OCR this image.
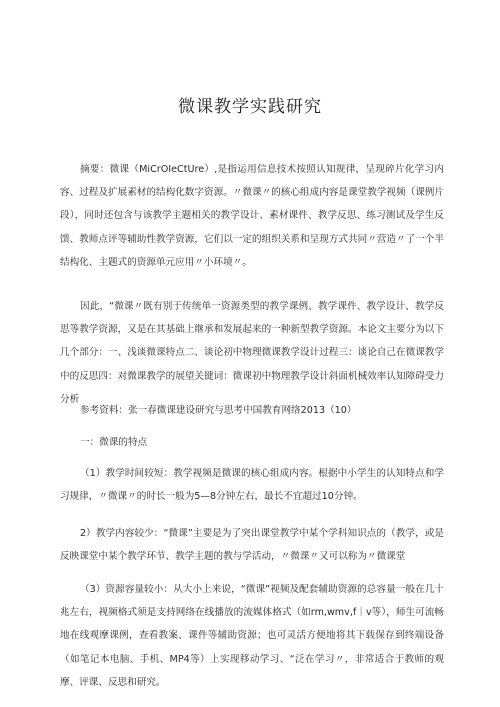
微课教学实践研究

摘要：微课（MiCrOIeCtUre）,是指运用信息技术按照认知规律，呈现碎片化学习内容、过程及扩展素材的结构化数字资源。〃微课〃的核心组成内容是课堂教学视频（课例片段），同时还包含与该教学主题相关的教学设计、素材课件、教学反思、练习测试及学生反馈、教师点评等辅助性教学资源，它们以一定的组织关系和呈现方式共同〃营造〃了一个半结构化、主题式的资源单元应用〃小环境〃。

因此，“微课〃既有别于传统单一资源类型的教学课例、教学课件、教学设计、教学反思等教学资源，又是在其基础上继承和发展起来的一种新型教学资源。本论文主要分为以下几个部分：一、浅谈微课特点二、谈论初中物理微课教学设计过程三：谈论自己在微课教学中的反思四：对微课教学的展望关键词：微课初中物理教学设计斜面机械效率认知障碍受力分析

参考资料：张一春微课建设研究与思考中国教育网络2013（10）

一：微课的特点

（1）教学时间较短：教学视频是微课的核心组成内容。根据中小学生的认知特点和学习规律，〃微课〃的时长一般为5—8分钟左右，最长不宜超过10分钟。

2）教学内容较少：“微课”主要是为了突出课堂教学中某个学科知识点的（教学，或是反映课堂中某个教学环节、教学主题的教与学活动，〃微课〃又可以称为〃微课堂

（3）资源容量较小：从大小上来说，“微课”视频及配套辅助资源的总容量一般在几十兆左右，视频格式须是支持网络在线播放的流媒体格式（如rm,wmv,f｜v等），师生可流畅地在线观摩课例，查看教案、课件等辅助资源；也可灵活方便地将其下载保存到终端设备（如笔记本电脑、手机、MP4等）上实现移动学习、“泛在学习〃，非常适合于教师的观摩、评课、反思和研究。
